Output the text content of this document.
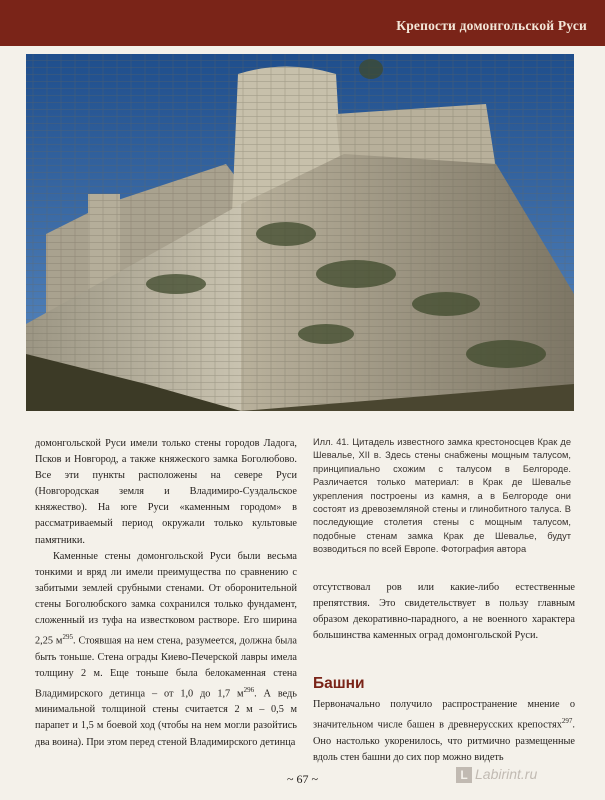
Крепости домонгольской Руси

домонгольской Руси имели только стены городов Ладога, Псков и Новгород, а также княжеского замка Боголюбово. Все эти пункты расположены на севере Руси (Новгородская земля и Владимиро-Суздальское княжество). На юге Руси «каменным городом» в рассматриваемый период окружали только культовые памятники.

Каменные стены домонгольской Руси были весьма тонкими и вряд ли имели преимущества по сравнению с забитыми землей срубными стенами. От оборонительной стены Боголюбского замка сохранился только фундамент, сложенный из туфа на известковом растворе. Его ширина 2,25 $м^{295}$. Стоявшая на нем стена, разумеется, должна была быть тоньше. Стена ограды Киево-Печерской лавры имела толщину 2 м. Еще тоньше была белокаменная стена Владимирского детинца – от 1,0 до 1,7 $м^{296}$. А ведь минимальной толщиной стены считается 2 м – 0,5 м парапет и 1,5 м боевой ход (чтобы на нем могли разойтись два воина). При этом перед стеной Владимирского детинца

Илл. 41. Цитадель известного замка крестоносцев Крак де Шевалье, XII в. Здесь стены снабжены мощным талусом, принципиально схожим с талусом в Белгороде. Различается только материал: в Крак де Шевалье укрепления построены из камня, а в Белгороде они состоят из древоземляной стены и глинобитного талуса. В последующие столетия стены с мощным талусом, подобные стенам замка Крак де Шевалье, будут возводиться по всей Европе. Фотография автора

отсутствовал ров или какие-либо естественные препятствия. Это свидетельствует в пользу главным образом декоративно-парадного, а не военного характера большинства каменных оград домонгольской Руси.

Башни

Первоначально получило распространение мнение о значительном числе башен в древнерусских крепостях$^{297}$. Оно настолько укоренилось, что ритмично размещенные вдоль стен башни до сих пор можно видеть

~ 67 ~	L Labirint.ru
